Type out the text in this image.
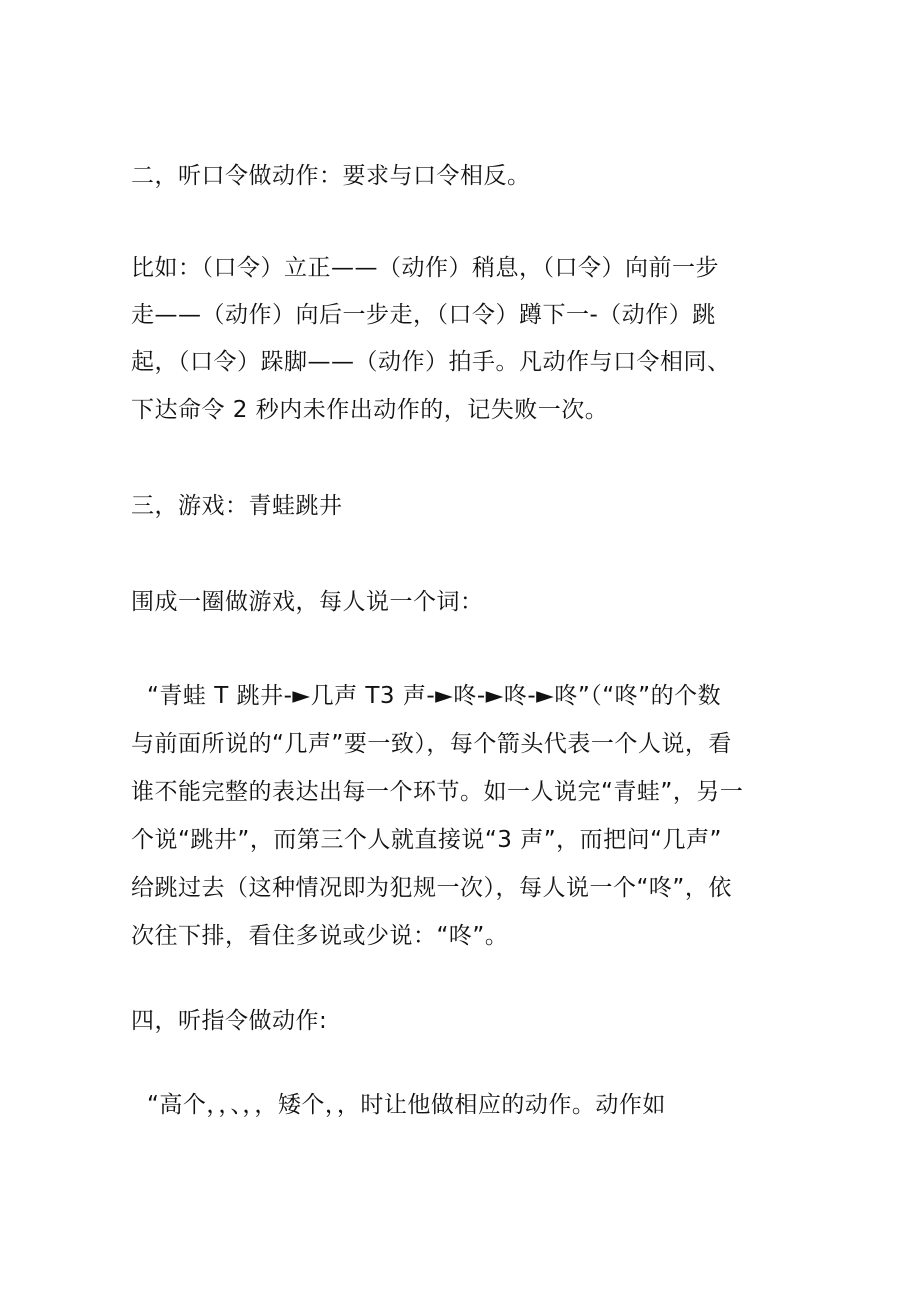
二，听口令做动作：要求与口令相反。
比如：（口令）立正——（动作）稍息，（口令）向前一步
走——（动作）向后一步走，（口令）蹲下一-（动作）跳
起，（口令）跺脚——（动作）拍手。凡动作与口令相同、
下达命令 2 秒内未作出动作的，记失败一次。
三，游戏：青蛙跳井
围成一圈做游戏，每人说一个词：
“青蛙 T 跳井-►几声 T3 声-►咚-►咚-►咚”（“咚”的个数
与前面所说的“几声”要一致），每个箭头代表一个人说，看
谁不能完整的表达出每一个环节。如一人说完“青蛙”，另一
个说“跳井”，而第三个人就直接说“3 声”，而把问“几声”
给跳过去（这种情况即为犯规一次），每人说一个“咚”，依
次往下排，看住多说或少说：“咚”。
四，听指令做动作:
“高个，，、，，矮个，，时让他做相应的动作。动作如
